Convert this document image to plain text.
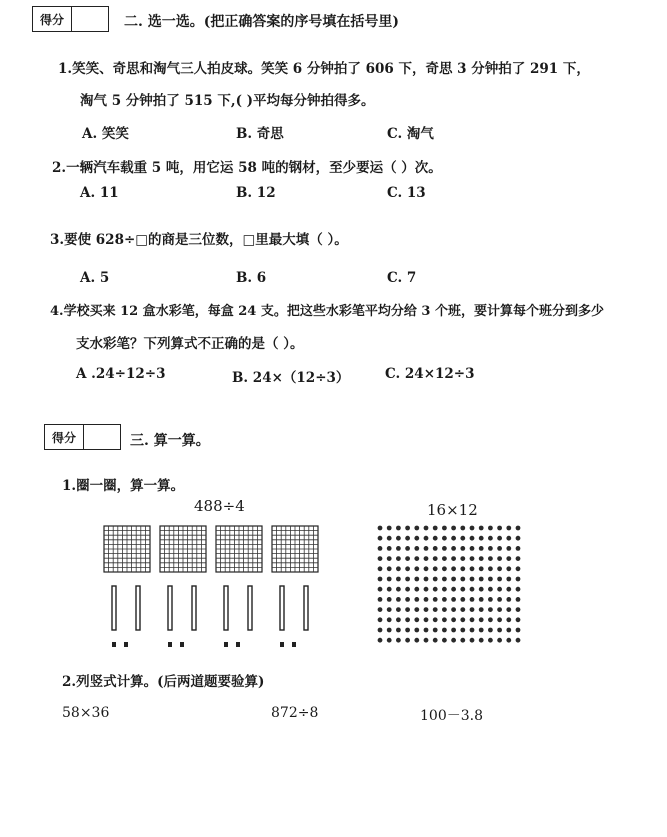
得分	二. 选一选。(把正确答案的序号填在括号里)
1.笑笑、奇思和淘气三人拍皮球。笑笑 6 分钟拍了 606 下，奇思 3 分钟拍了 291 下，
淘气 5 分钟拍了 515 下,( )平均每分钟拍得多。
A. 笑笑	B. 奇思	C. 淘气
2.一辆汽车载重 5 吨，用它运 58 吨的钢材，至少要运（ ）次。
A. 11	B. 12	C. 13
3.要使 628÷□的商是三位数，□里最大填（ ）。
A. 5	B. 6	C. 7
4.学校买来 12 盒水彩笔，每盒 24 支。把这些水彩笔平均分给 3 个班，要计算每个班分到多少
支水彩笔？下列算式不正确的是（ ）。
A .24÷12÷3	B. 24×（12÷3）	C. 24×12÷3
得分	三. 算一算。
1.圈一圈，算一算。
488÷4	16×12
2.列竖式计算。(后两道题要验算)
58×36	872÷8	100－3.8
